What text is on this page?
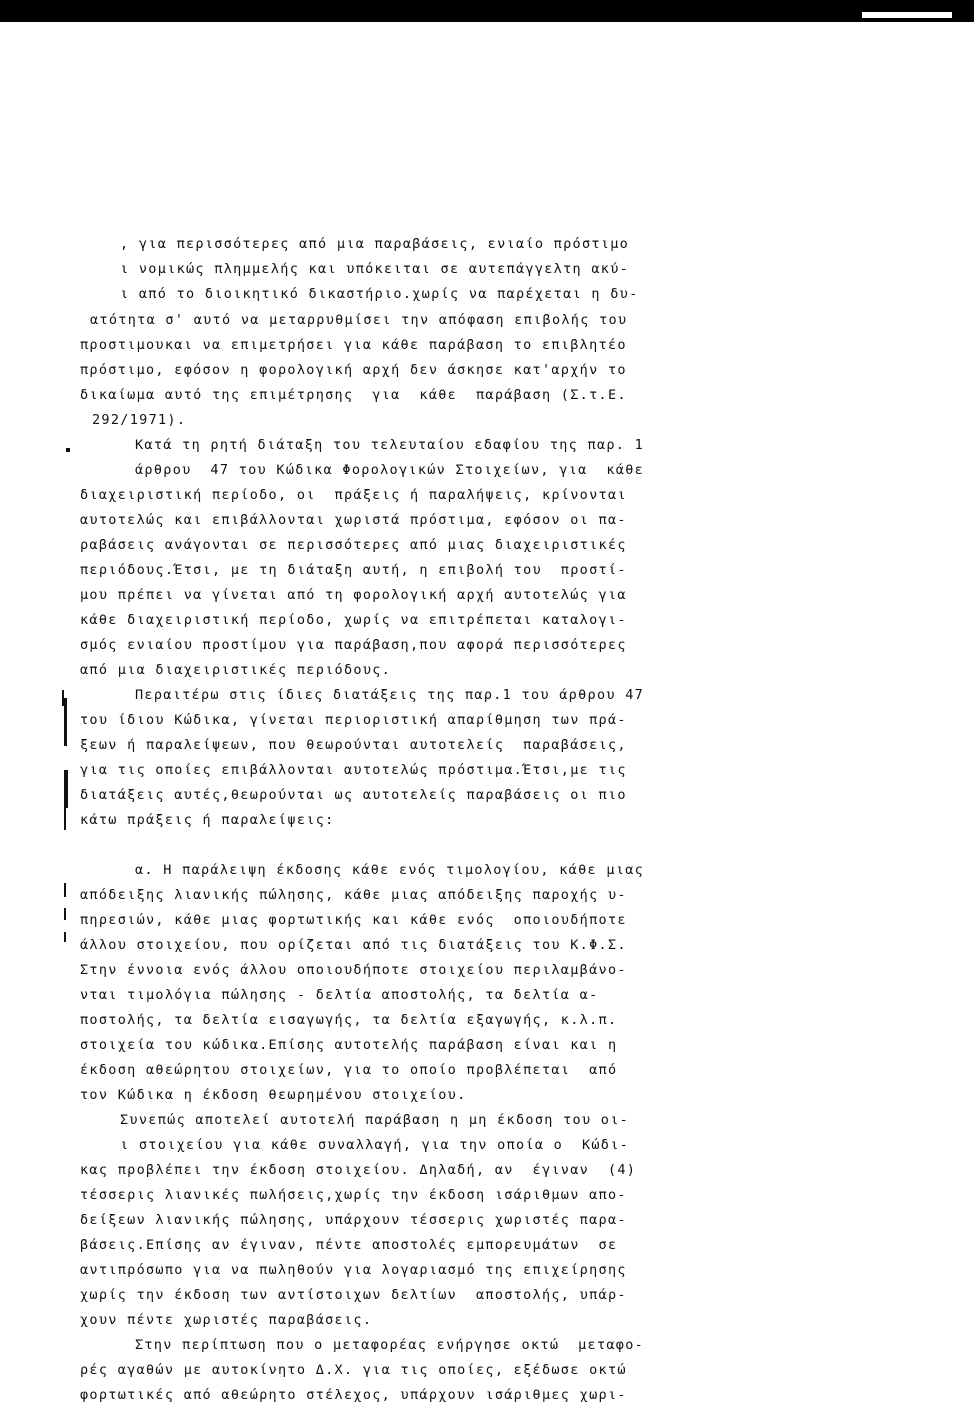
, για περισσότερες από μια παραβάσεις, ενιαίο πρόστιμο
ι νομικώς πλημμελής και υπόκειται σε αυτεπάγγελτη ακύ-
ι από το διοικητικό δικαστήριο.χωρίς να παρέχεται η δυ-
ατότητα σ' αυτό να μεταρρυθμίσει την απόφαση επιβολής του
προστιμουκαι να επιμετρήσει για κάθε παράβαση το επιβλητέο
πρόστιμο, εφόσον η φορολογική αρχή δεν άσκησε κατ'αρχήν το
δικαίωμα αυτό της επιμέτρησης  για  κάθε  παράβαση (Σ.τ.Ε.
292/1971).
Κατά τη ρητή διάταξη του τελευταίου εδαφίου της παρ. 1
άρθρου  47 του Κώδικα Φορολογικών Στοιχείων, για  κάθε
διαχειριστική περίοδο, οι  πράξεις ή παραλήψεις, κρίνονται
αυτοτελώς και επιβάλλονται χωριστά πρόστιμα, εφόσον οι πα-
ραβάσεις ανάγονται σε περισσότερες από μιας διαχειριστικές
περιόδους.Έτσι, με τη διάταξη αυτή, η επιβολή του  προστί-
μου πρέπει να γίνεται από τη φορολογική αρχή αυτοτελώς για
κάθε διαχειριστική περίοδο, χωρίς να επιτρέπεται καταλογι-
σμός ενιαίου προστίμου για παράβαση,που αφορά περισσότερες
από μια διαχειριστικές περιόδους.
Περαιτέρω στις ίδιες διατάξεις της παρ.1 του άρθρου 47
του ίδιου Κώδικα, γίνεται περιοριστική απαρίθμηση των πρά-
ξεων ή παραλείψεων, που θεωρούνται αυτοτελείς  παραβάσεις,
για τις οποίες επιβάλλονται αυτοτελώς πρόστιμα.Έτσι,με τις
διατάξεις αυτές,θεωρούνται ως αυτοτελείς παραβάσεις οι πιο
κάτω πράξεις ή παραλείψεις:
α. Η παράλειψη έκδοσης κάθε ενός τιμολογίου, κάθε μιας
απόδειξης λιανικής πώλησης, κάθε μιας απόδειξης παροχής υ-
πηρεσιών, κάθε μιας φορτωτικής και κάθε ενός  οποιουδήποτε
άλλου στοιχείου, που ορίζεται από τις διατάξεις του Κ.Φ.Σ.
Στην έννοια ενός άλλου οποιουδήποτε στοιχείου περιλαμβάνο-
νται τιμολόγια πώλησης - δελτία αποστολής, τα δελτία α-
ποστολής, τα δελτία εισαγωγής, τα δελτία εξαγωγής, κ.λ.π.
στοιχεία του κώδικα.Επίσης αυτοτελής παράβαση είναι και η
έκδοση αθεώρητου στοιχείων, για το οποίο προβλέπεται  από
τον Κώδικα η έκδοση θεωρημένου στοιχείου.
Συνεπώς αποτελεί αυτοτελή παράβαση η μη έκδοση του οι-
ι στοιχείου για κάθε συναλλαγή, για την οποία ο  Κώδι-
κας προβλέπει την έκδοση στοιχείου. Δηλαδή, αν  έγιναν  (4)
τέσσερις λιανικές πωλήσεις,χωρίς την έκδοση ισάριθμων απο-
δείξεων λιανικής πώλησης, υπάρχουν τέσσερις χωριστές παρα-
βάσεις.Επίσης αν έγιναν, πέντε αποστολές εμπορευμάτων  σε
αντιπρόσωπο για να πωληθούν για λογαριασμό της επιχείρησης
χωρίς την έκδοση των αντίστοιχων δελτίων  αποστολής, υπάρ-
χουν πέντε χωριστές παραβάσεις.
Στην περίπτωση που ο μεταφορέας ενήργησε οκτώ  μεταφο-
ρές αγαθών με αυτοκίνητο Δ.Χ. για τις οποίες, εξέδωσε οκτώ
φορτωτικές από αθεώρητο στέλεχος, υπάρχουν ισάριθμες χωρι-
